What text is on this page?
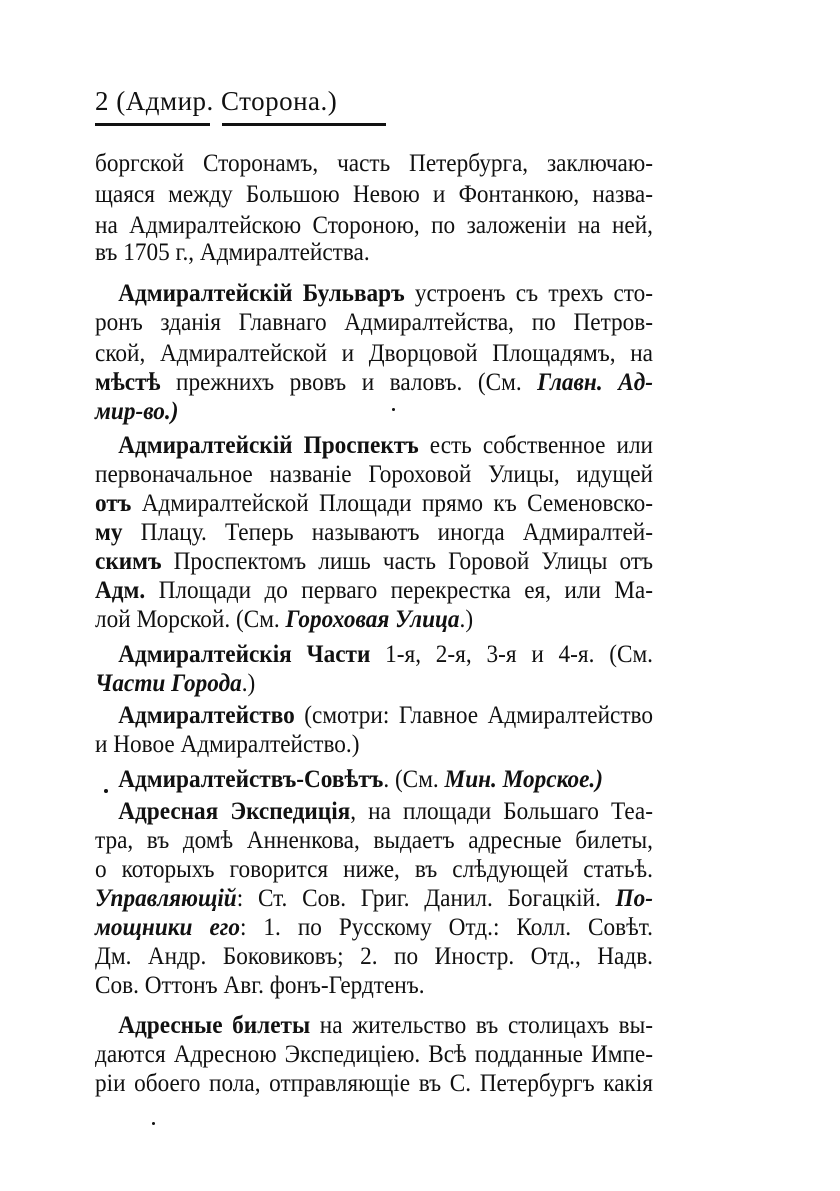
2 (Адмир. Сторона.)
боргской Сторонамъ, часть Петербурга, заключаю-
щаяся между Большою Невою и Фонтанкою, назва-
на Адмиралтейскою Стороною, по заложенiи на ней,
въ 1705 г., Адмиралтейства.
Адмиралтейскiй Бульваръ устроенъ съ трехъ сто-
ронъ зданiя Главнаго Адмиралтейства, по Петров-
ской, Адмиралтейской и Дворцовой Площадямъ, на
мѣстѣ прежнихъ рвовъ и валовъ. (См. Главн. Ад-
мир-во.)
Адмиралтейскiй Проспектъ есть собственное или
первоначальное названiе Гороховой Улицы, идущей
отъ Адмиралтейской Площади прямо къ Семеновско-
му Плацу. Теперь называютъ иногда Адмиралтей-
скимъ Проспектомъ лишь часть Горовой Улицы отъ
Адм. Площади до перваго перекрестка ея, или Ма-
лой Морской. (См. Гороховая Улица.)
Адмиралтейскiя Части 1-я, 2-я, 3-я и 4-я. (См.
Части Города.)
Адмиралтейство (смотри: Главное Адмиралтейство
и Новое Адмиралтейство.)
Адмиралтействъ-Совѣтъ. (См. Мин. Морское.)
Адресная Экспедицiя, на площади Большаго Теа-
тра, въ домѣ Анненкова, выдаетъ адресные билеты,
о которыхъ говорится ниже, въ слѣдующей статьѣ.
Управляющiй: Ст. Сов. Григ. Данил. Богацкiй. По-
мощники его: 1. по Русскому Отд.: Колл. Совѣт.
Дм. Андр. Боковиковъ; 2. по Иностр. Отд., Надв.
Сов. Оттонъ Авг. фонъ-Гердтенъ.
Адресные билеты на жительство въ столицахъ вы-
даются Адресною Экспедицiею. Всѣ подданные Импе-
рiи обоего пола, отправляющiе въ С. Петербургъ какiя
